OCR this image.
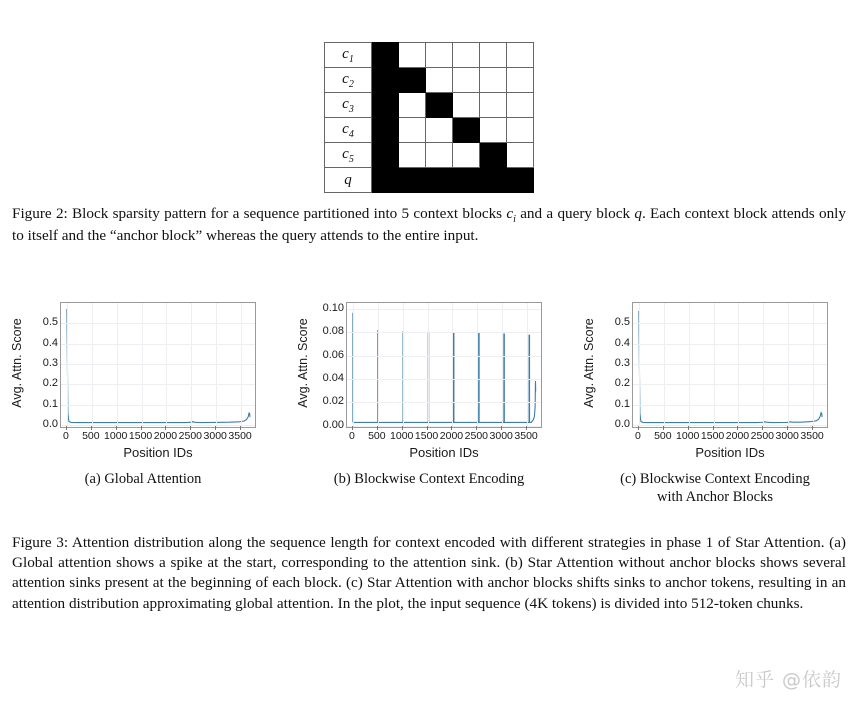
$c_1$						
$c_2$						
$c_3$						
$c_4$						
$c_5$						
q						
Figure 2: Block sparsity pattern for a sequence partitioned into 5 context blocks $c_i$ and a query block q. Each context block attends only to itself and the “anchor block” whereas the query attends to the entire input.
Avg. Attn. Score
0.0
0.1
0.2
0.3
0.4
0.5
0 500 1000 1500 2000 2500 3000 3500
Position IDs
(a) Global Attention
Avg. Attn. Score
0.00
0.02
0.04
0.06
0.08
0.10
0 500 1000 1500 2000 2500 3000 3500
Position IDs
(b) Blockwise Context Encoding
Avg. Attn. Score
0.0
0.1
0.2
0.3
0.4
0.5
0 500 1000 1500 2000 2500 3000 3500
Position IDs
(c) Blockwise Context Encoding
with Anchor Blocks
Figure 3: Attention distribution along the sequence length for context encoded with different strategies in phase 1 of Star Attention. (a) Global attention shows a spike at the start, corresponding to the attention sink. (b) Star Attention without anchor blocks shows several attention sinks present at the beginning of each block. (c) Star Attention with anchor blocks shifts sinks to anchor tokens, resulting in an attention distribution approximating global attention. In the plot, the input sequence (4K tokens) is divided into 512-token chunks.
知乎 @依韵
